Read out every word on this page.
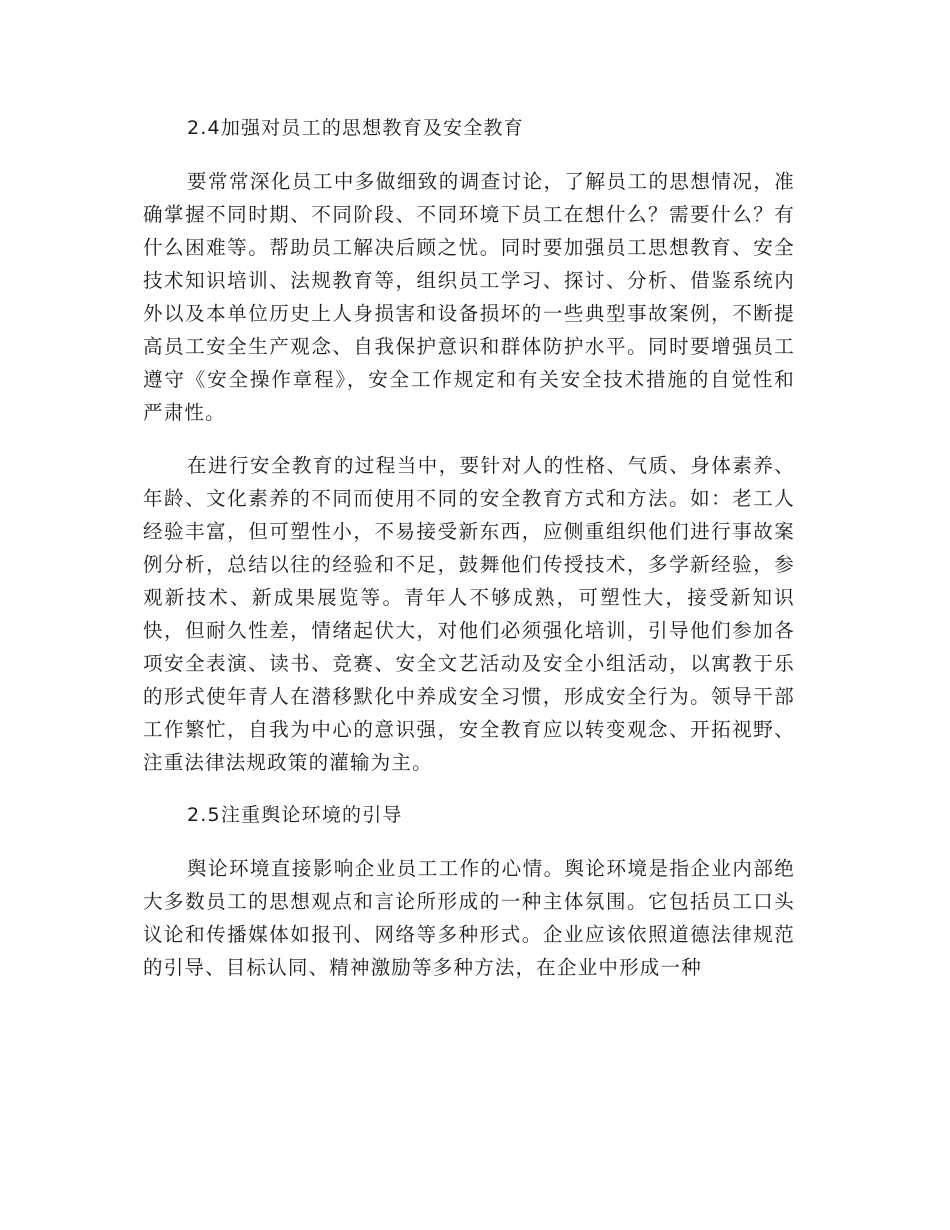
2.4加强对员工的思想教育及安全教育
要常常深化员工中多做细致的调查讨论，了解员工的思想情况，准确掌握不同时期、不同阶段、不同环境下员工在想什么？需要什么？有什么困难等。帮助员工解决后顾之忧。同时要加强员工思想教育、安全技术知识培训、法规教育等，组织员工学习、探讨、分析、借鉴系统内外以及本单位历史上人身损害和设备损坏的一些典型事故案例，不断提高员工安全生产观念、自我保护意识和群体防护水平。同时要增强员工遵守《安全操作章程》，安全工作规定和有关安全技术措施的自觉性和严肃性。
在进行安全教育的过程当中，要针对人的性格、气质、身体素养、年龄、文化素养的不同而使用不同的安全教育方式和方法。如：老工人经验丰富，但可塑性小，不易接受新东西，应侧重组织他们进行事故案例分析，总结以往的经验和不足，鼓舞他们传授技术，多学新经验，参观新技术、新成果展览等。青年人不够成熟，可塑性大，接受新知识快，但耐久性差，情绪起伏大，对他们必须强化培训，引导他们参加各项安全表演、读书、竞赛、安全文艺活动及安全小组活动，以寓教于乐的形式使年青人在潜移默化中养成安全习惯，形成安全行为。领导干部工作繁忙，自我为中心的意识强，安全教育应以转变观念、开拓视野、注重法律法规政策的灌输为主。
2.5注重舆论环境的引导
舆论环境直接影响企业员工工作的心情。舆论环境是指企业内部绝大多数员工的思想观点和言论所形成的一种主体氛围。它包括员工口头议论和传播媒体如报刊、网络等多种形式。企业应该依照道德法律规范的引导、目标认同、精神激励等多种方法，在企业中形成一种
